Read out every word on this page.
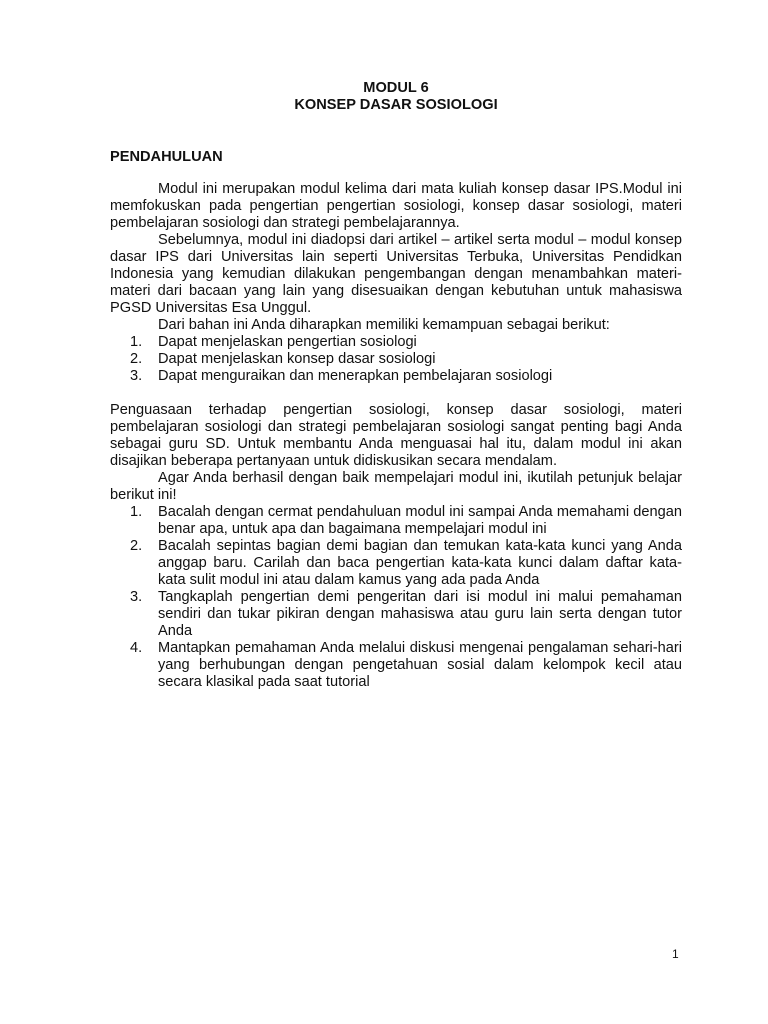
MODUL 6

KONSEP DASAR SOSIOLOGI

PENDAHULUAN

Modul ini merupakan modul kelima dari mata kuliah konsep dasar IPS.Modul ini memfokuskan pada pengertian pengertian sosiologi, konsep dasar sosiologi, materi pembelajaran sosiologi dan strategi pembelajarannya.

Sebelumnya, modul ini diadopsi dari artikel – artikel serta modul – modul konsep dasar IPS dari Universitas lain seperti Universitas Terbuka, Universitas Pendidkan Indonesia yang kemudian dilakukan pengembangan dengan menambahkan materi-materi dari bacaan yang lain yang disesuaikan dengan kebutuhan untuk mahasiswa PGSD Universitas Esa Unggul.

Dari bahan ini Anda diharapkan memiliki kemampuan sebagai berikut:

1. Dapat menjelaskan pengertian sosiologi
2. Dapat menjelaskan konsep dasar sosiologi
3. Dapat menguraikan dan menerapkan pembelajaran sosiologi

Penguasaan terhadap pengertian sosiologi, konsep dasar sosiologi, materi pembelajaran sosiologi dan strategi pembelajaran sosiologi sangat penting bagi Anda sebagai guru SD. Untuk membantu Anda menguasai hal itu, dalam modul ini akan disajikan beberapa pertanyaan untuk didiskusikan secara mendalam.

Agar Anda berhasil dengan baik mempelajari modul ini, ikutilah petunjuk belajar berikut ini!

1. Bacalah dengan cermat pendahuluan modul ini sampai Anda memahami dengan benar apa, untuk apa dan bagaimana mempelajari modul ini
2. Bacalah sepintas bagian demi bagian dan temukan kata-kata kunci yang Anda anggap baru. Carilah dan baca pengertian kata-kata kunci dalam daftar kata-kata sulit modul ini atau dalam kamus yang ada pada Anda
3. Tangkaplah pengertian demi pengeritan dari isi modul ini malui pemahaman sendiri dan tukar pikiran dengan mahasiswa atau guru lain serta dengan tutor Anda
4. Mantapkan pemahaman Anda melalui diskusi mengenai pengalaman sehari-hari yang berhubungan dengan pengetahuan sosial dalam kelompok kecil atau secara klasikal pada saat tutorial
1
